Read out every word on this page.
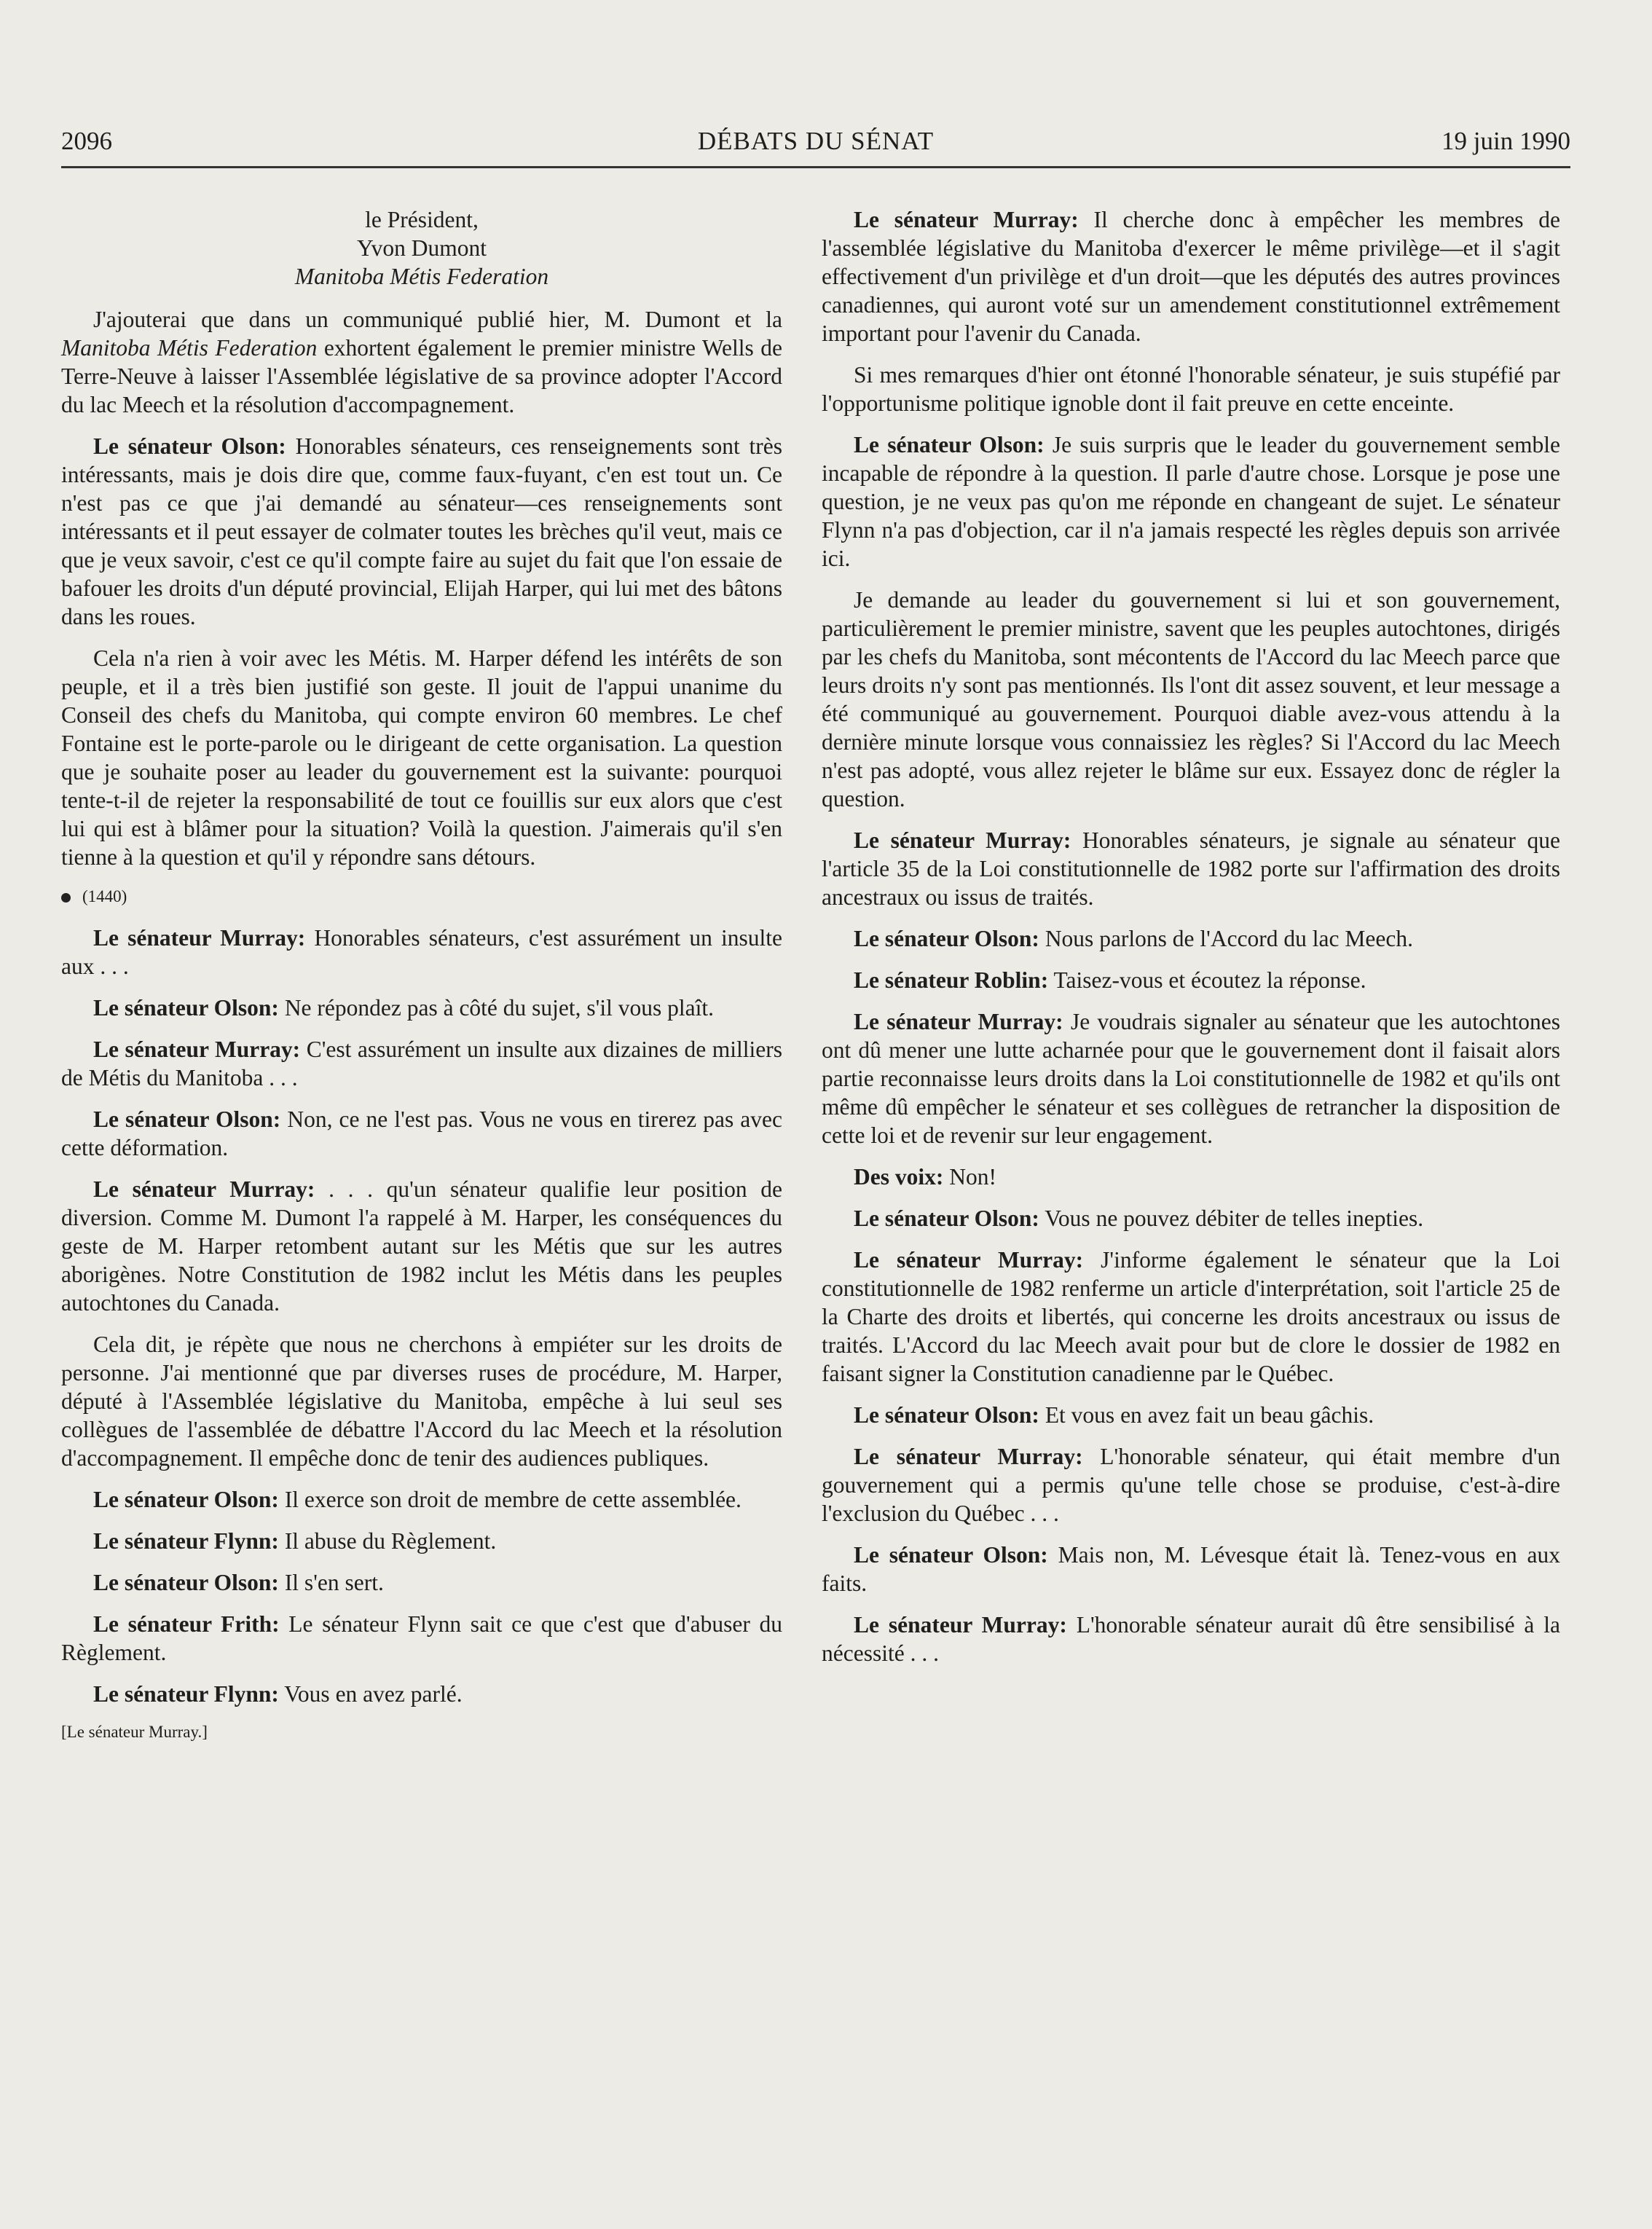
2096	DÉBATS DU SÉNAT	19 juin 1990
le Président,
Yvon Dumont
Manitoba Métis Federation

J'ajouterai que dans un communiqué publié hier, M. Dumont et la Manitoba Métis Federation exhortent également le premier ministre Wells de Terre-Neuve à laisser l'Assemblée législative de sa province adopter l'Accord du lac Meech et la résolution d'accompagnement.

Le sénateur Olson: Honorables sénateurs, ces renseignements sont très intéressants, mais je dois dire que, comme faux-fuyant, c'en est tout un. Ce n'est pas ce que j'ai demandé au sénateur—ces renseignements sont intéressants et il peut essayer de colmater toutes les brèches qu'il veut, mais ce que je veux savoir, c'est ce qu'il compte faire au sujet du fait que l'on essaie de bafouer les droits d'un député provincial, Elijah Harper, qui lui met des bâtons dans les roues.

Cela n'a rien à voir avec les Métis. M. Harper défend les intérêts de son peuple, et il a très bien justifié son geste. Il jouit de l'appui unanime du Conseil des chefs du Manitoba, qui compte environ 60 membres. Le chef Fontaine est le porte-parole ou le dirigeant de cette organisation. La question que je souhaite poser au leader du gouvernement est la suivante: pourquoi tente-t-il de rejeter la responsabilité de tout ce fouillis sur eux alors que c'est lui qui est à blâmer pour la situation? Voilà la question. J'aimerais qu'il s'en tienne à la question et qu'il y répondre sans détours.

(1440)

Le sénateur Murray: Honorables sénateurs, c'est assurément un insulte aux . . .

Le sénateur Olson: Ne répondez pas à côté du sujet, s'il vous plaît.

Le sénateur Murray: C'est assurément un insulte aux dizaines de milliers de Métis du Manitoba . . .

Le sénateur Olson: Non, ce ne l'est pas. Vous ne vous en tirerez pas avec cette déformation.

Le sénateur Murray: . . . qu'un sénateur qualifie leur position de diversion. Comme M. Dumont l'a rappelé à M. Harper, les conséquences du geste de M. Harper retombent autant sur les Métis que sur les autres aborigènes. Notre Constitution de 1982 inclut les Métis dans les peuples autochtones du Canada.

Cela dit, je répète que nous ne cherchons à empiéter sur les droits de personne. J'ai mentionné que par diverses ruses de procédure, M. Harper, député à l'Assemblée législative du Manitoba, empêche à lui seul ses collègues de l'assemblée de débattre l'Accord du lac Meech et la résolution d'accompagnement. Il empêche donc de tenir des audiences publiques.

Le sénateur Olson: Il exerce son droit de membre de cette assemblée.

Le sénateur Flynn: Il abuse du Règlement.

Le sénateur Olson: Il s'en sert.

Le sénateur Frith: Le sénateur Flynn sait ce que c'est que d'abuser du Règlement.

Le sénateur Flynn: Vous en avez parlé.

[Le sénateur Murray.]

Le sénateur Murray: Il cherche donc à empêcher les membres de l'assemblée législative du Manitoba d'exercer le même privilège—et il s'agit effectivement d'un privilège et d'un droit—que les députés des autres provinces canadiennes, qui auront voté sur un amendement constitutionnel extrêmement important pour l'avenir du Canada.

Si mes remarques d'hier ont étonné l'honorable sénateur, je suis stupéfié par l'opportunisme politique ignoble dont il fait preuve en cette enceinte.

Le sénateur Olson: Je suis surpris que le leader du gouvernement semble incapable de répondre à la question. Il parle d'autre chose. Lorsque je pose une question, je ne veux pas qu'on me réponde en changeant de sujet. Le sénateur Flynn n'a pas d'objection, car il n'a jamais respecté les règles depuis son arrivée ici.

Je demande au leader du gouvernement si lui et son gouvernement, particulièrement le premier ministre, savent que les peuples autochtones, dirigés par les chefs du Manitoba, sont mécontents de l'Accord du lac Meech parce que leurs droits n'y sont pas mentionnés. Ils l'ont dit assez souvent, et leur message a été communiqué au gouvernement. Pourquoi diable avez-vous attendu à la dernière minute lorsque vous connaissiez les règles? Si l'Accord du lac Meech n'est pas adopté, vous allez rejeter le blâme sur eux. Essayez donc de régler la question.

Le sénateur Murray: Honorables sénateurs, je signale au sénateur que l'article 35 de la Loi constitutionnelle de 1982 porte sur l'affirmation des droits ancestraux ou issus de traités.

Le sénateur Olson: Nous parlons de l'Accord du lac Meech.

Le sénateur Roblin: Taisez-vous et écoutez la réponse.

Le sénateur Murray: Je voudrais signaler au sénateur que les autochtones ont dû mener une lutte acharnée pour que le gouvernement dont il faisait alors partie reconnaisse leurs droits dans la Loi constitutionnelle de 1982 et qu'ils ont même dû empêcher le sénateur et ses collègues de retrancher la disposition de cette loi et de revenir sur leur engagement.

Des voix: Non!

Le sénateur Olson: Vous ne pouvez débiter de telles inepties.

Le sénateur Murray: J'informe également le sénateur que la Loi constitutionnelle de 1982 renferme un article d'interprétation, soit l'article 25 de la Charte des droits et libertés, qui concerne les droits ancestraux ou issus de traités. L'Accord du lac Meech avait pour but de clore le dossier de 1982 en faisant signer la Constitution canadienne par le Québec.

Le sénateur Olson: Et vous en avez fait un beau gâchis.

Le sénateur Murray: L'honorable sénateur, qui était membre d'un gouvernement qui a permis qu'une telle chose se produise, c'est-à-dire l'exclusion du Québec . . .

Le sénateur Olson: Mais non, M. Lévesque était là. Tenez-vous en aux faits.

Le sénateur Murray: L'honorable sénateur aurait dû être sensibilisé à la nécessité . . .
